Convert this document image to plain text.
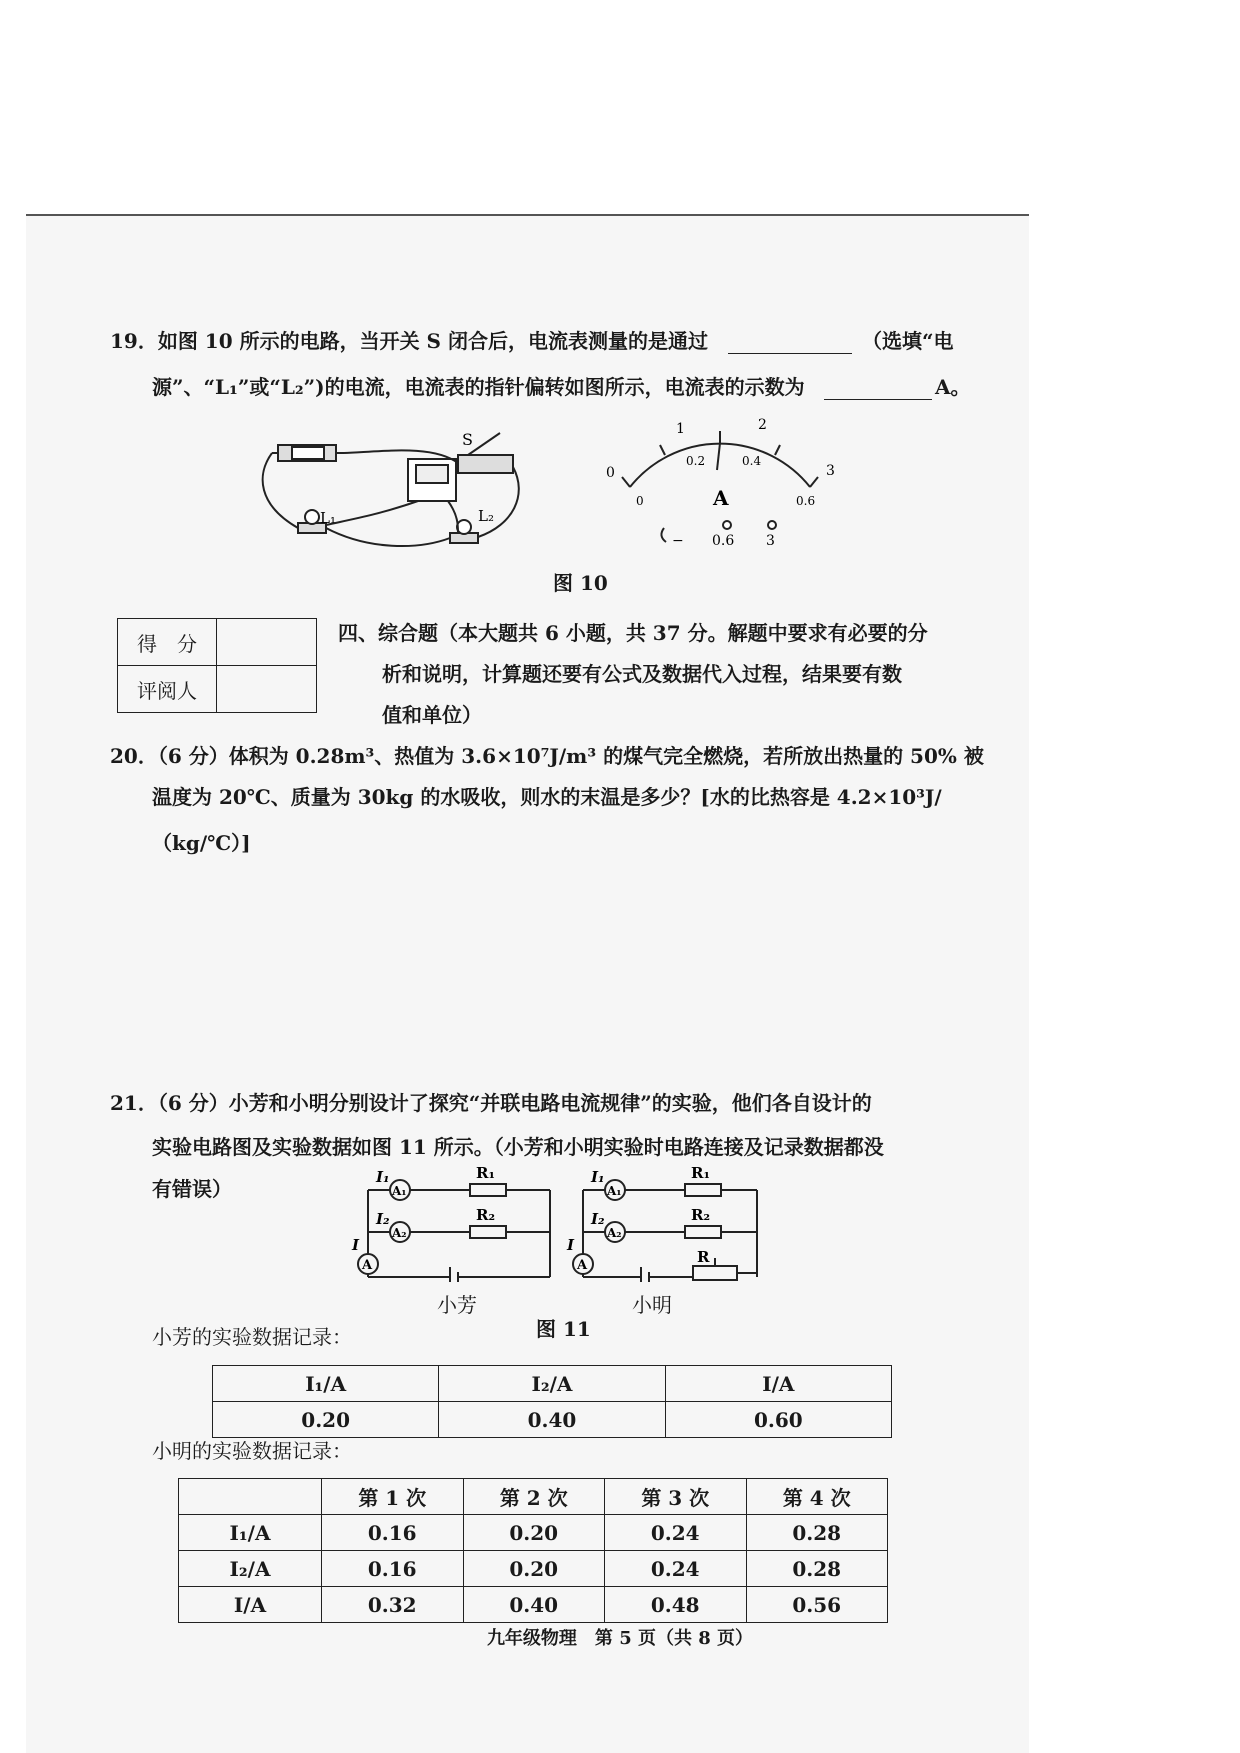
19．如图 10 所示的电路，当开关 S 闭合后，电流表测量的是通过	（选填“电
源”、“L₁”或“L₂”)的电流，电流表的指针偏转如图所示，电流表的示数为	A。
S
L₁	L₂
0
1	2
3
0
0.2	0.4
0.6
A
− 0.6 3
图 10
得　分	
评阅人	
四、综合题（本大题共 6 小题，共 37 分。解题中要求有必要的分
析和说明，计算题还要有公式及数据代入过程，结果要有数
值和单位）
20．（6 分）体积为 0.28m³、热值为 3.6×10⁷J/m³ 的煤气完全燃烧，若所放出热量的 50% 被
温度为 20℃、质量为 30kg 的水吸收，则水的末温是多少？[水的比热容是 4.2×10³J/
（kg/℃）]
21．（6 分）小芳和小明分别设计了探究“并联电路电流规律”的实验，他们各自设计的
实验电路图及实验数据如图 11 所示。（小芳和小明实验时电路连接及记录数据都没
有错误）	I₁
I₂
I
A₁
A₂
A
R₁
R₂
I₁
I₂
I
A₁
A₂
A
R₁
R₂
R
小芳	小明
图 11
小芳的实验数据记录：
I₁/A	I₂/A	I/A
0.20	0.40	0.60
小明的实验数据记录：
	第 1 次	第 2 次	第 3 次	第 4 次
I₁/A	0.16	0.20	0.24	0.28
I₂/A	0.16	0.20	0.24	0.28
I/A	0.32	0.40	0.48	0.56
九年级物理　第 5 页（共 8 页）
